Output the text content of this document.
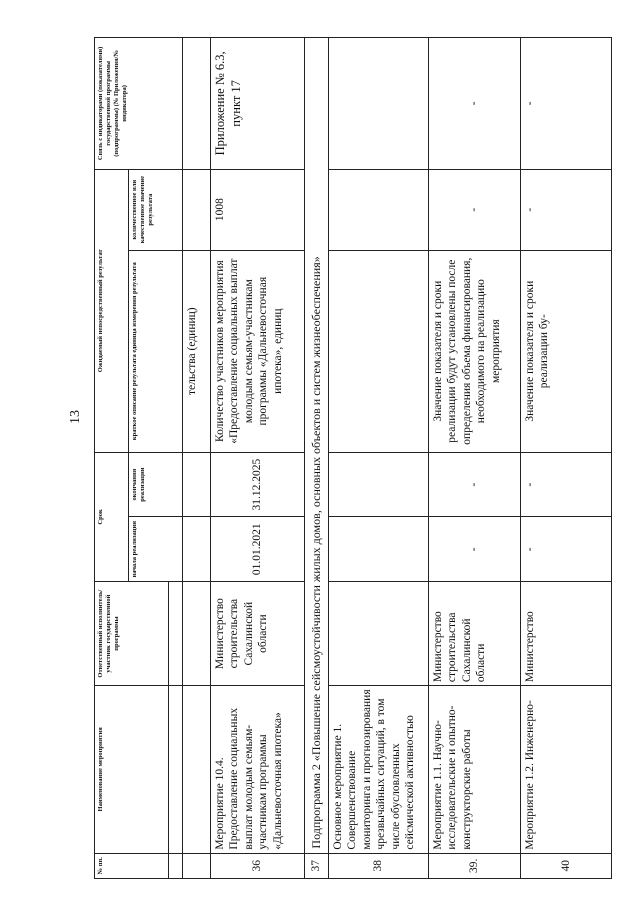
13
№ пп.	Наименование мероприятия	Ответственный исполнитель/участник государственной программы	Срок		Ожидаемый непосредственный результат		Связь с индикаторами (показателями) государственной программы (подпрограммы) (№ Приложения/№ индикатора)
			начала реализации	окончания реализации	краткое описание результата единица измерения результата	количественное или качественное значение результата	

					тельства (единиц)		
36	Мероприятие 10.4. Предоставление социальных выплат молодым семьям-участникам программы «Дальневосточная ипотека»	Министерство строительства Сахалинской области	01.01.2021	31.12.2025	Количество участников мероприятия «Предоставление социальных выплат молодым семьям-участникам программы «Дальневосточная ипотека», единиц	1008	Приложение № 6.3, пункт 17
37	Подпрограмма 2 «Повышение сейсмоустойчивости жилых домов, основных объектов и систем жизнеобеспечения»						
38	Основное мероприятие 1. Совершенствование мониторинга и прогнозирования чрезвычайных ситуаций, в том числе обусловленных сейсмической активностью						
39.	Мероприятие 1.1. Научно-исследовательские и опытно-конструкторские работы	Министерство строительства Сахалинской области	-	-	Значение показателя и сроки реализации будут установлены после определения объема финансирования, необходимого на реализацию мероприятия	-	-
40	Мероприятие 1.2. Инженерно-	Министерство	-	-	Значение показателя и сроки реализации бу-	-	-
